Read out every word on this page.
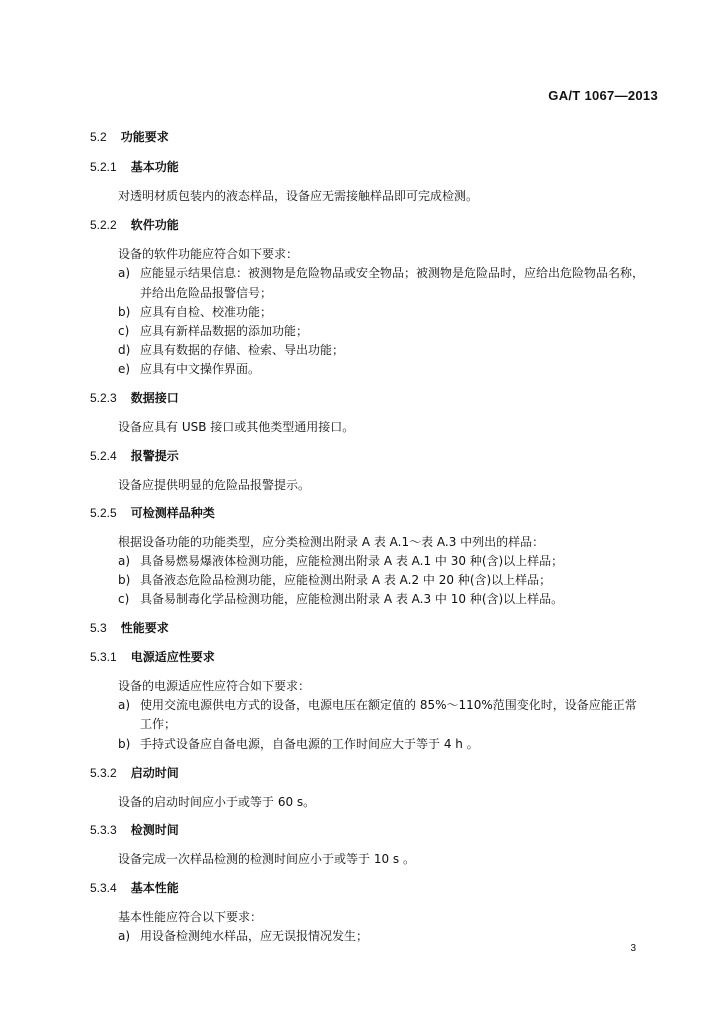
GA/T 1067—2013
5.2 功能要求
5.2.1 基本功能
对透明材质包装内的液态样品，设备应无需接触样品即可完成检测。
5.2.2 软件功能
设备的软件功能应符合如下要求：
a) 应能显示结果信息：被测物是危险物品或安全物品；被测物是危险品时，应给出危险物品名称，
并给出危险品报警信号；
b) 应具有自检、校准功能；
c) 应具有新样品数据的添加功能；
d) 应具有数据的存储、检索、导出功能；
e) 应具有中文操作界面。
5.2.3 数据接口
设备应具有 USB 接口或其他类型通用接口。
5.2.4 报警提示
设备应提供明显的危险品报警提示。
5.2.5 可检测样品种类
根据设备功能的功能类型，应分类检测出附录 A 表 A.1～表 A.3 中列出的样品：
a) 具备易燃易爆液体检测功能，应能检测出附录 A 表 A.1 中 30 种(含)以上样品；
b) 具备液态危险品检测功能，应能检测出附录 A 表 A.2 中 20 种(含)以上样品；
c) 具备易制毒化学品检测功能，应能检测出附录 A 表 A.3 中 10 种(含)以上样品。
5.3 性能要求
5.3.1 电源适应性要求
设备的电源适应性应符合如下要求：
a) 使用交流电源供电方式的设备，电源电压在额定值的 85%～110%范围变化时，设备应能正常
工作；
b) 手持式设备应自备电源，自备电源的工作时间应大于等于 4 h 。
5.3.2 启动时间
设备的启动时间应小于或等于 60 s。
5.3.3 检测时间
设备完成一次样品检测的检测时间应小于或等于 10 s 。
5.3.4 基本性能
基本性能应符合以下要求：
a) 用设备检测纯水样品，应无误报情况发生；
3
